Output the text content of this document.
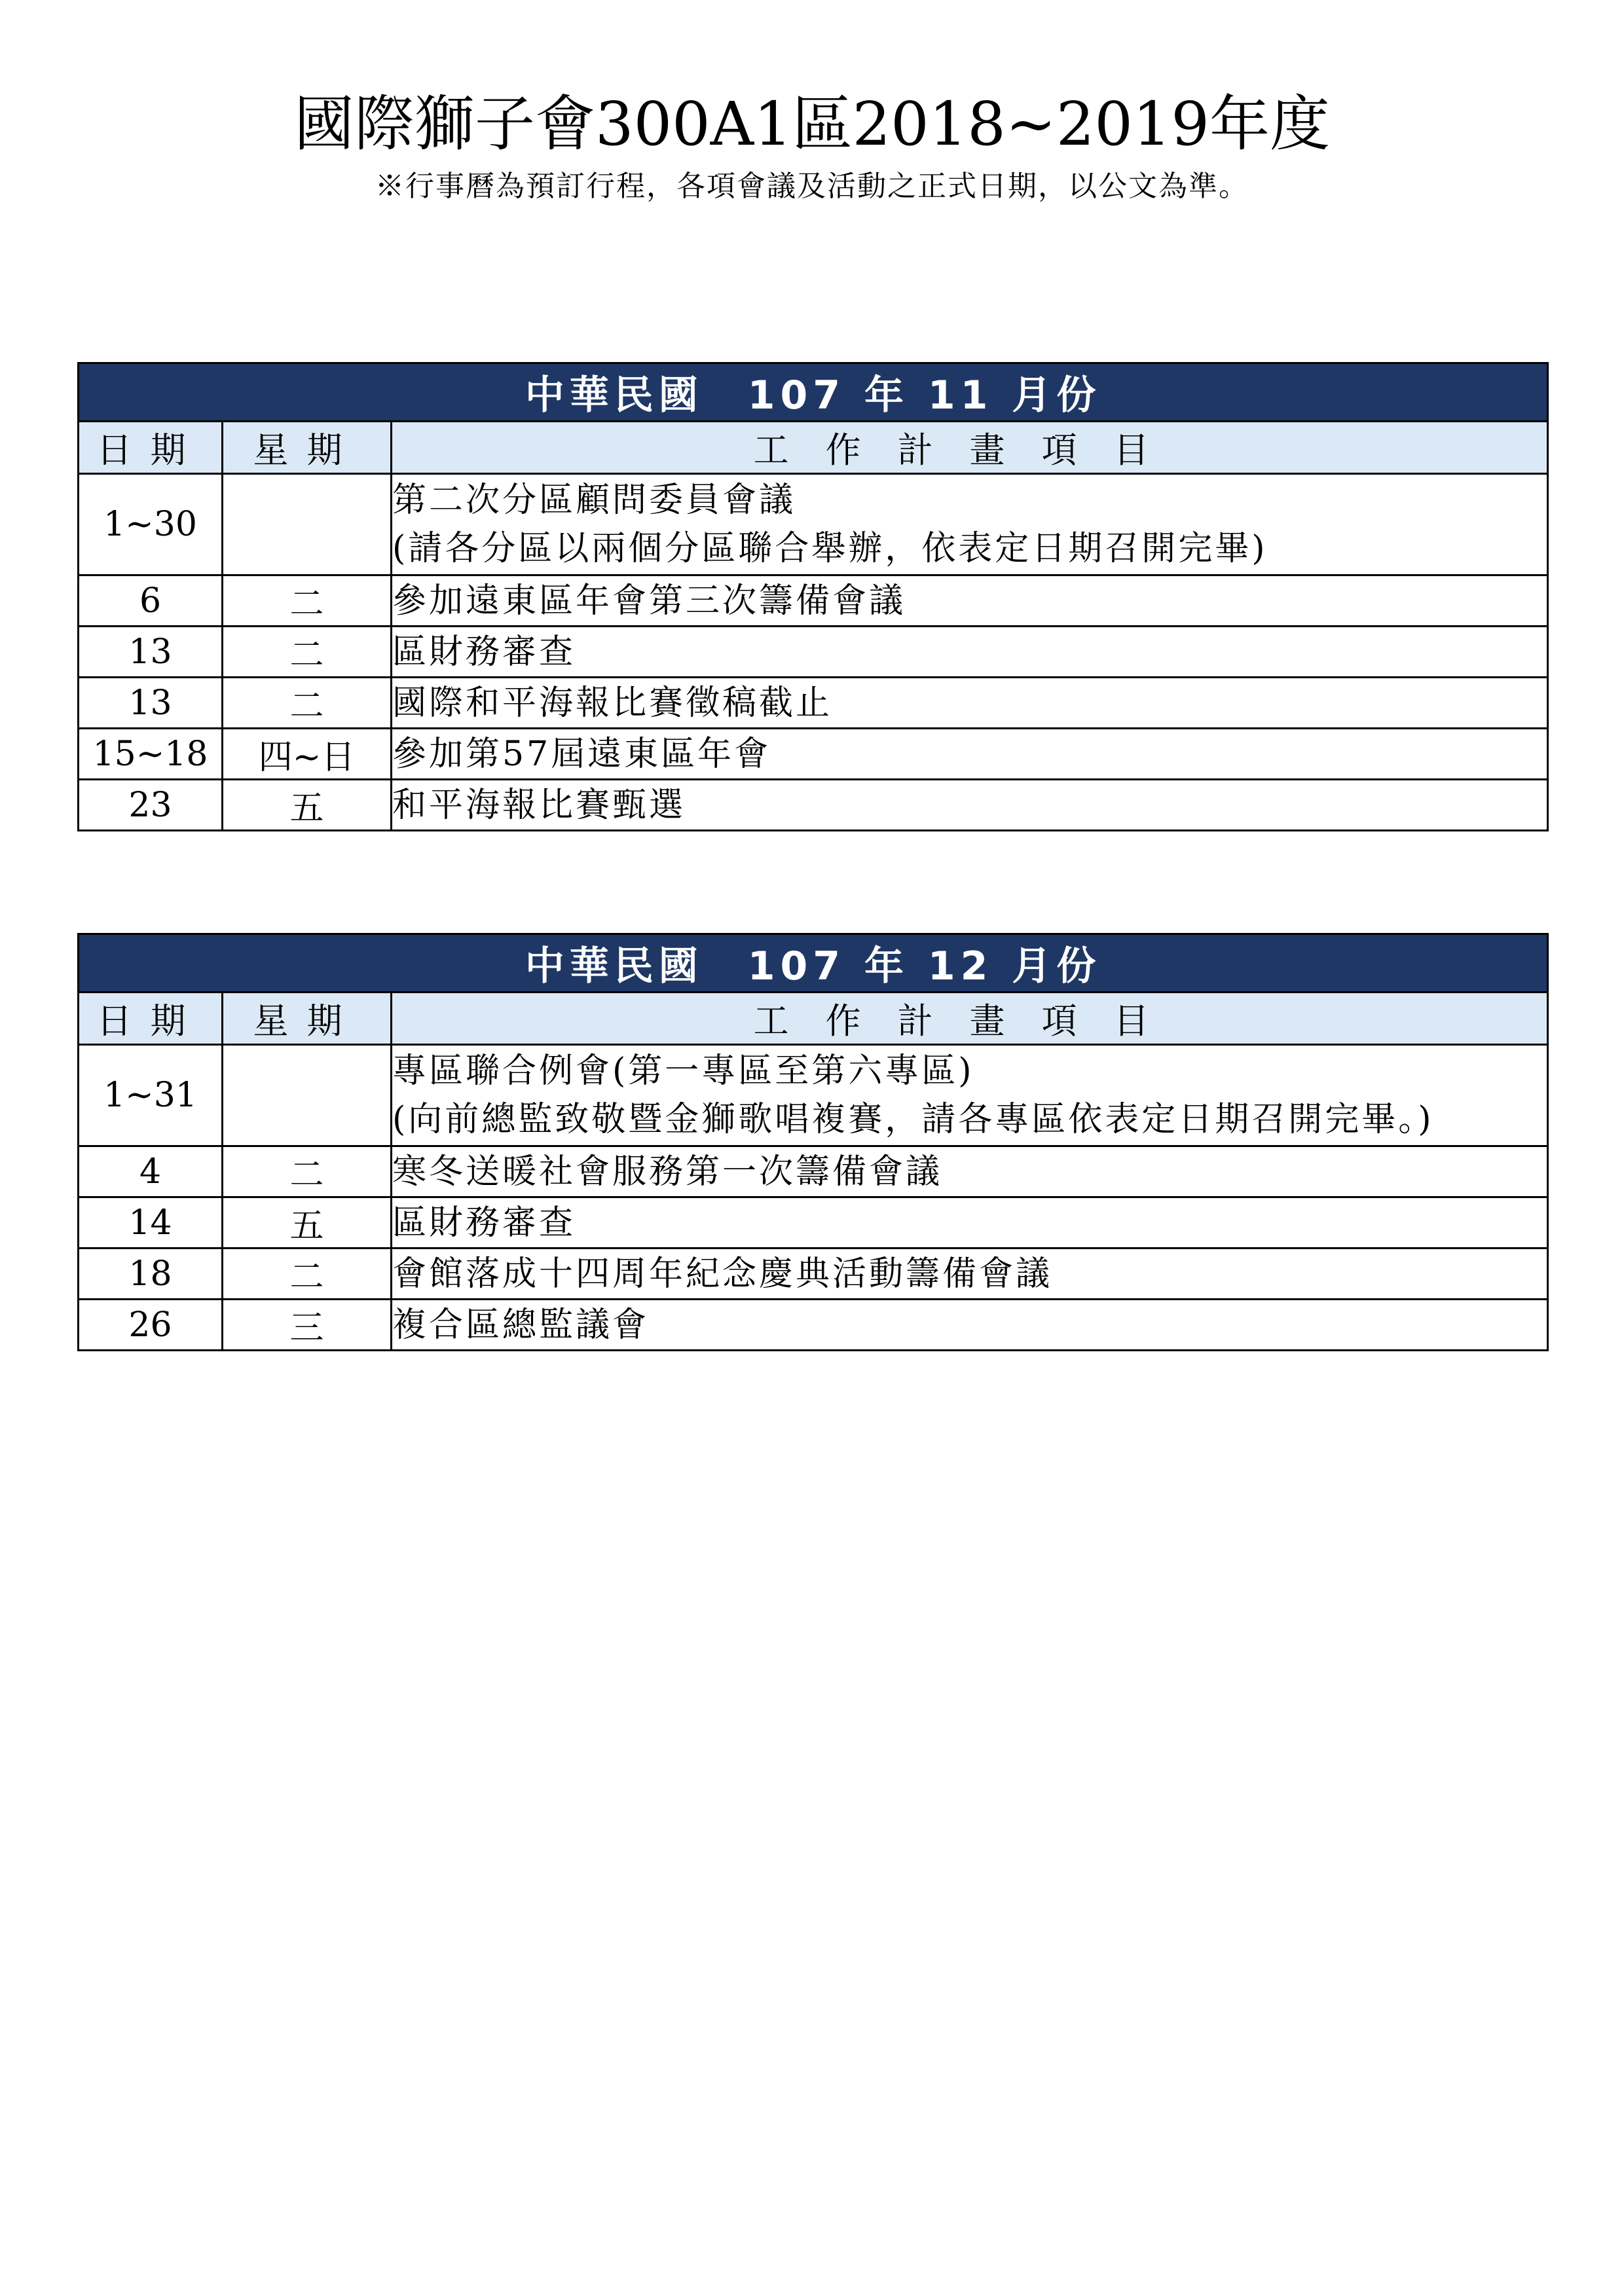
國際獅子會300A1區2018~2019年度
※行事曆為預訂行程，各項會議及活動之正式日期，以公文為準。
中華民國　107 年 11 月份		
日期	星期	工作計畫項目
1~30		第二次分區顧問委員會議
(請各分區以兩個分區聯合舉辦，依表定日期召開完畢)

6	二	參加遠東區年會第三次籌備會議

13	二	區財務審查

13	二	國際和平海報比賽徵稿截止

15~18	四~日	參加第57屆遠東區年會

23	五	和平海報比賽甄選
中華民國　107 年 12 月份		
日期	星期	工作計畫項目
1~31		專區聯合例會(第一專區至第六專區)
(向前總監致敬暨金獅歌唱複賽，請各專區依表定日期召開完畢。)

4	二	寒冬送暖社會服務第一次籌備會議

14	五	區財務審查

18	二	會館落成十四周年紀念慶典活動籌備會議

26	三	複合區總監議會
